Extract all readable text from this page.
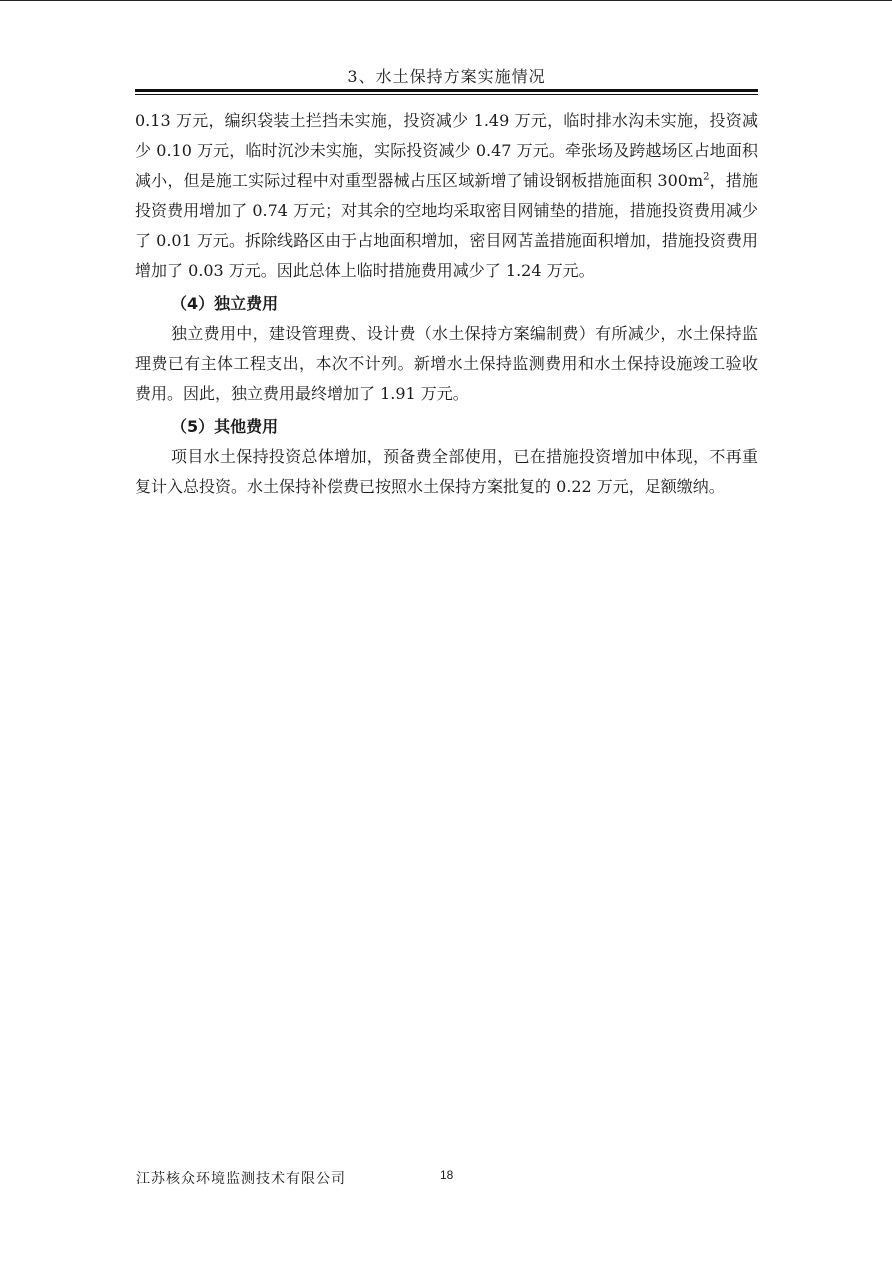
3、水土保持方案实施情况

0.13 万元，编织袋装土拦挡未实施，投资减少 1.49 万元，临时排水沟未实施，投资减少 0.10 万元，临时沉沙未实施，实际投资减少 0.47 万元。牵张场及跨越场区占地面积减小，但是施工实际过程中对重型器械占压区域新增了铺设钢板措施面积 $300m^2$，措施投资费用增加了 0.74 万元；对其余的空地均采取密目网铺垫的措施，措施投资费用减少了 0.01 万元。拆除线路区由于占地面积增加，密目网苫盖措施面积增加，措施投资费用增加了 0.03 万元。因此总体上临时措施费用减少了 1.24 万元。

（4）独立费用

独立费用中，建设管理费、设计费（水土保持方案编制费）有所减少，水土保持监理费已有主体工程支出，本次不计列。新增水土保持监测费用和水土保持设施竣工验收费用。因此，独立费用最终增加了 1.91 万元。

（5）其他费用

项目水土保持投资总体增加，预备费全部使用，已在措施投资增加中体现，不再重复计入总投资。水土保持补偿费已按照水土保持方案批复的 0.22 万元，足额缴纳。

江苏核众环境监测技术有限公司	18
